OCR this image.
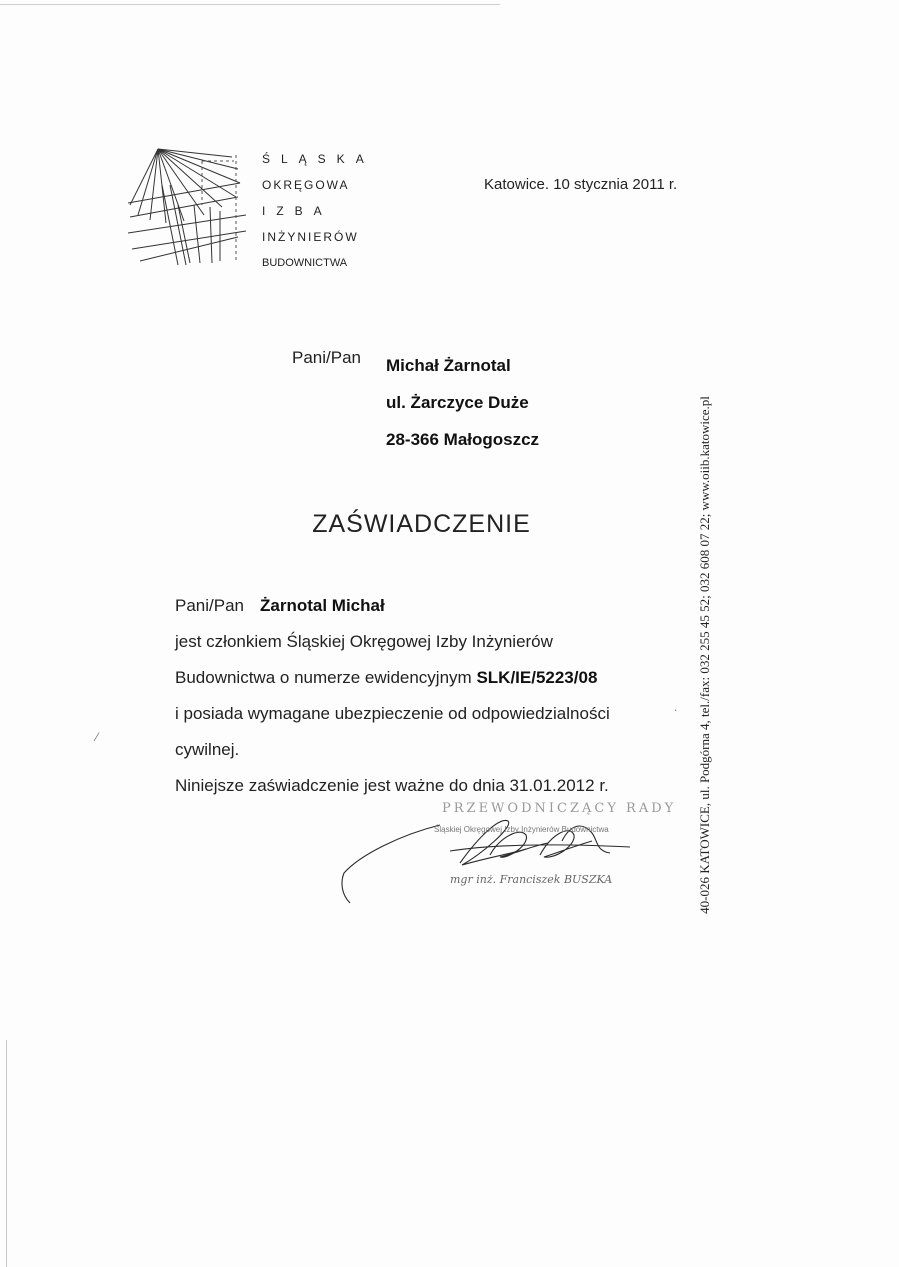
ŚLĄSKA
OKRĘGOWA
IZBA
INŻYNIERÓW
BUDOWNICTWA
Katowice. 10 stycznia 2011 r.
Pani/Pan Michał Żarnotal
ul. Żarczyce Duże
28-366 Małogoszcz
ZAŚWIADCZENIE
Pani/Pan Żarnotal Michał
jest członkiem Śląskiej Okręgowej Izby Inżynierów
Budownictwa o numerze ewidencyjnym SLK/IE/5223/08
i posiada wymagane ubezpieczenie od odpowiedzialności
cywilnej.
Niniejsze zaświadczenie jest ważne do dnia 31.01.2012 r.
PRZEWODNICZĄCY RADY
Śląskiej Okręgowej Izby Inżynierów Budownictwa
mgr inż. Franciszek BUSZKA	40-026 KATOWICE, ul. Podgórna 4, tel./fax: 032 255 45 52; 032 608 07 22; www.oiib.katowice.pl
⁄
.
